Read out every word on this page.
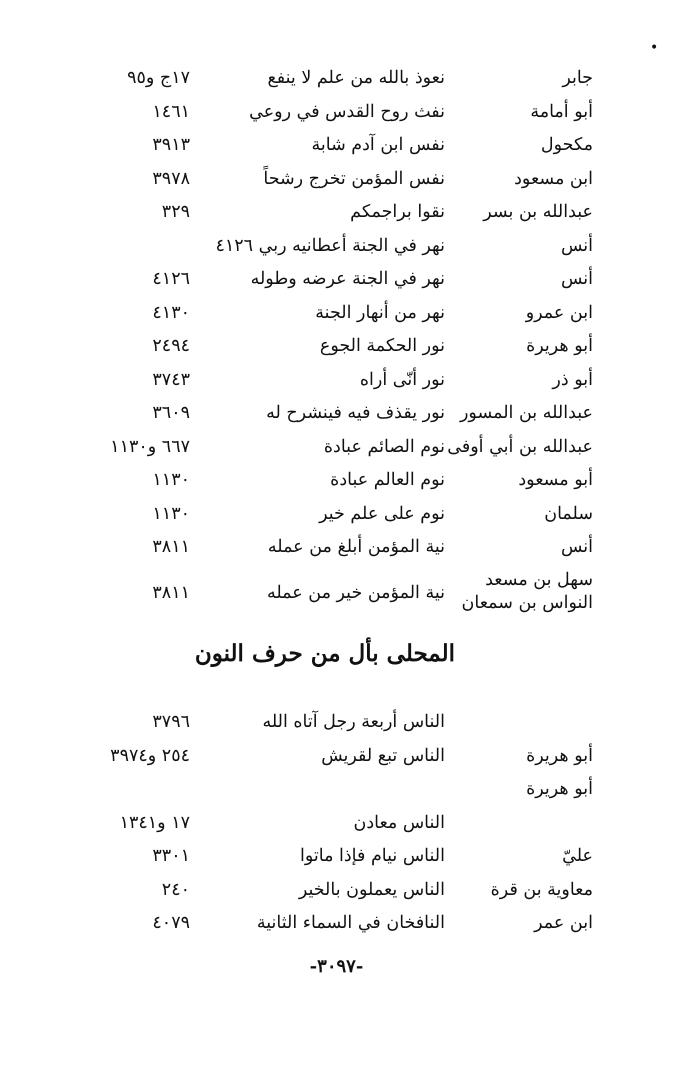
•
جابر
نعوذ بالله من علم لا ينفع
١٧ج و٩٥
أبو أمامة
نفث روح القدس في روعي
١٤٦١
مكحول
نفس ابن آدم شابة
٣٩١٣
ابن مسعود
نفس المؤمن تخرج رشحاً
٣٩٧٨
عبدالله بن بسر
نقوا براجمكم
٣٢٩
أنس
نهر في الجنة أعطانيه ربي ٤١٢٦
أنس
نهر في الجنة عرضه وطوله
٤١٢٦
ابن عمرو
نهر من أنهار الجنة
٤١٣٠
أبو هريرة
نور الحكمة الجوع
٢٤٩٤
أبو ذر
نور أنّى أراه
٣٧٤٣
عبدالله بن المسور
نور يقذف فيه فينشرح له
٣٦٠٩
عبدالله بن أبي أوفى
نوم الصائم عبادة
٦٦٧ و١١٣٠
أبو مسعود
نوم العالم عبادة
١١٣٠
سلمان
نوم على علم خير
١١٣٠
أنس
نية المؤمن أبلغ من عمله
٣٨١١
سهل بن مسعد
النواس بن سمعان
نية المؤمن خير من عمله
٣٨١١
المحلى بأل من حرف النون
الناس أربعة رجل آتاه الله
٣٧٩٦
أبو هريرة
الناس تبع لقريش
٢٥٤ و٣٩٧٤
أبو هريرة
الناس معادن
١٧ و١٣٤١
عليّ
الناس نيام فإذا ماتوا
٣٣٠١
معاوية بن قرة
الناس يعملون بالخير
٢٤٠
ابن عمر
النافخان في السماء الثانية
٤٠٧٩
-٣٠٩٧-
